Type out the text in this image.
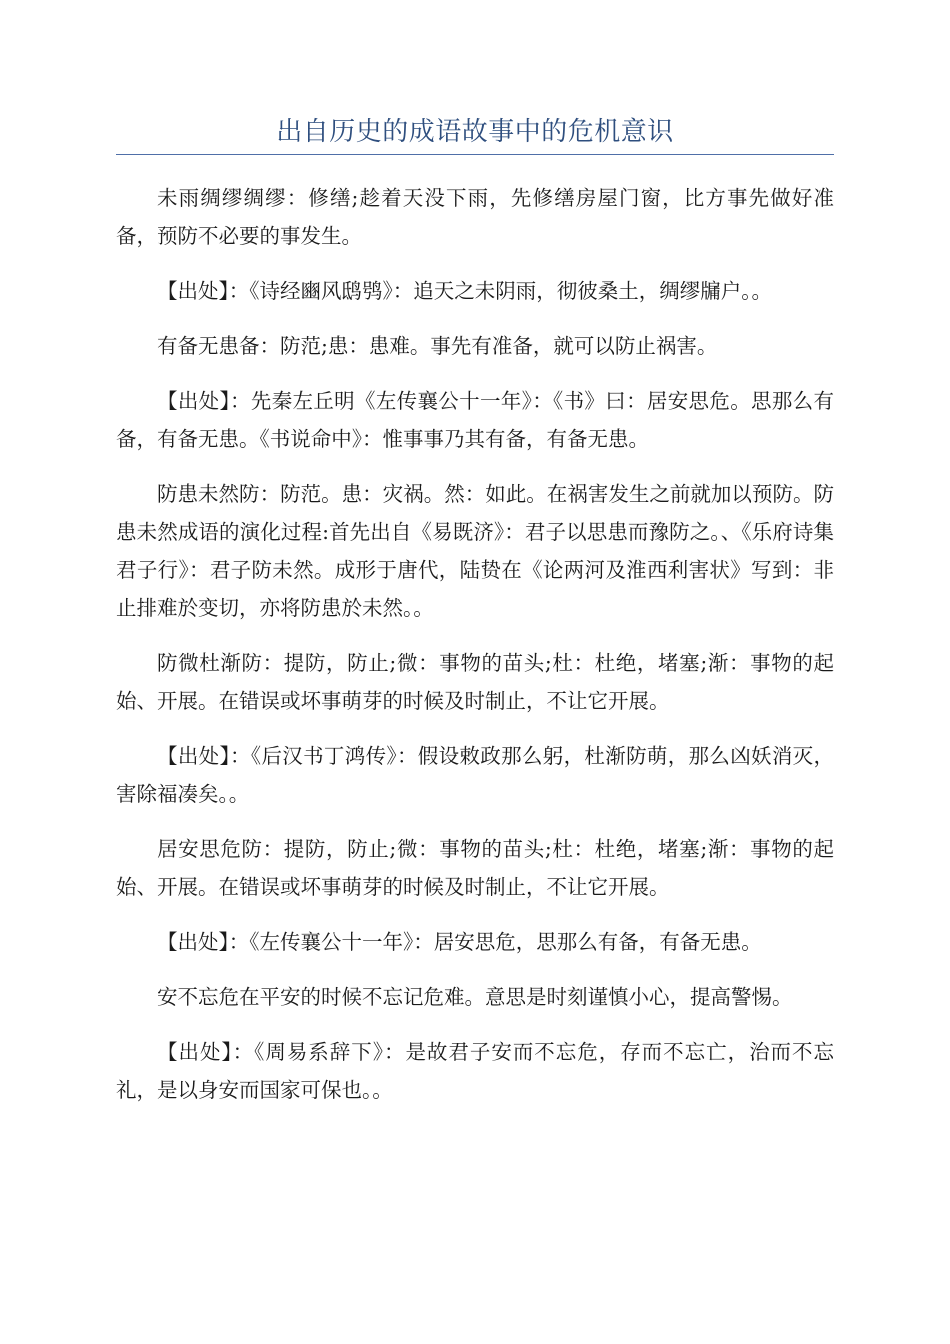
出自历史的成语故事中的危机意识

未雨绸缪绸缪：修缮;趁着天没下雨，先修缮房屋门窗，比方事先做好准备，预防不必要的事发生。

【出处】：《诗经豳风鸱鸮》：追天之未阴雨，彻彼桑土，绸缪牖户。。

有备无患备：防范;患：患难。事先有准备，就可以防止祸害。

【出处】：先秦左丘明《左传襄公十一年》：《书》曰：居安思危。思那么有备，有备无患。《书说命中》：惟事事乃其有备，有备无患。

防患未然防：防范。患：灾祸。然：如此。在祸害发生之前就加以预防。防患未然成语的演化过程:首先出自《易既济》：君子以思患而豫防之。、《乐府诗集君子行》：君子防未然。成形于唐代，陆贽在《论两河及淮西利害状》写到：非止排难於变切，亦将防患於未然。。

防微杜渐防：提防，防止;微：事物的苗头;杜：杜绝，堵塞;渐：事物的起始、开展。在错误或坏事萌芽的时候及时制止，不让它开展。

【出处】：《后汉书丁鸿传》：假设敕政那么躬，杜渐防萌，那么凶妖消灭，害除福凑矣。。

居安思危防：提防，防止;微：事物的苗头;杜：杜绝，堵塞;渐：事物的起始、开展。在错误或坏事萌芽的时候及时制止，不让它开展。

【出处】：《左传襄公十一年》：居安思危，思那么有备，有备无患。

安不忘危在平安的时候不忘记危难。意思是时刻谨慎小心，提高警惕。

【出处】：《周易系辞下》：是故君子安而不忘危，存而不忘亡，治而不忘礼，是以身安而国家可保也。。
